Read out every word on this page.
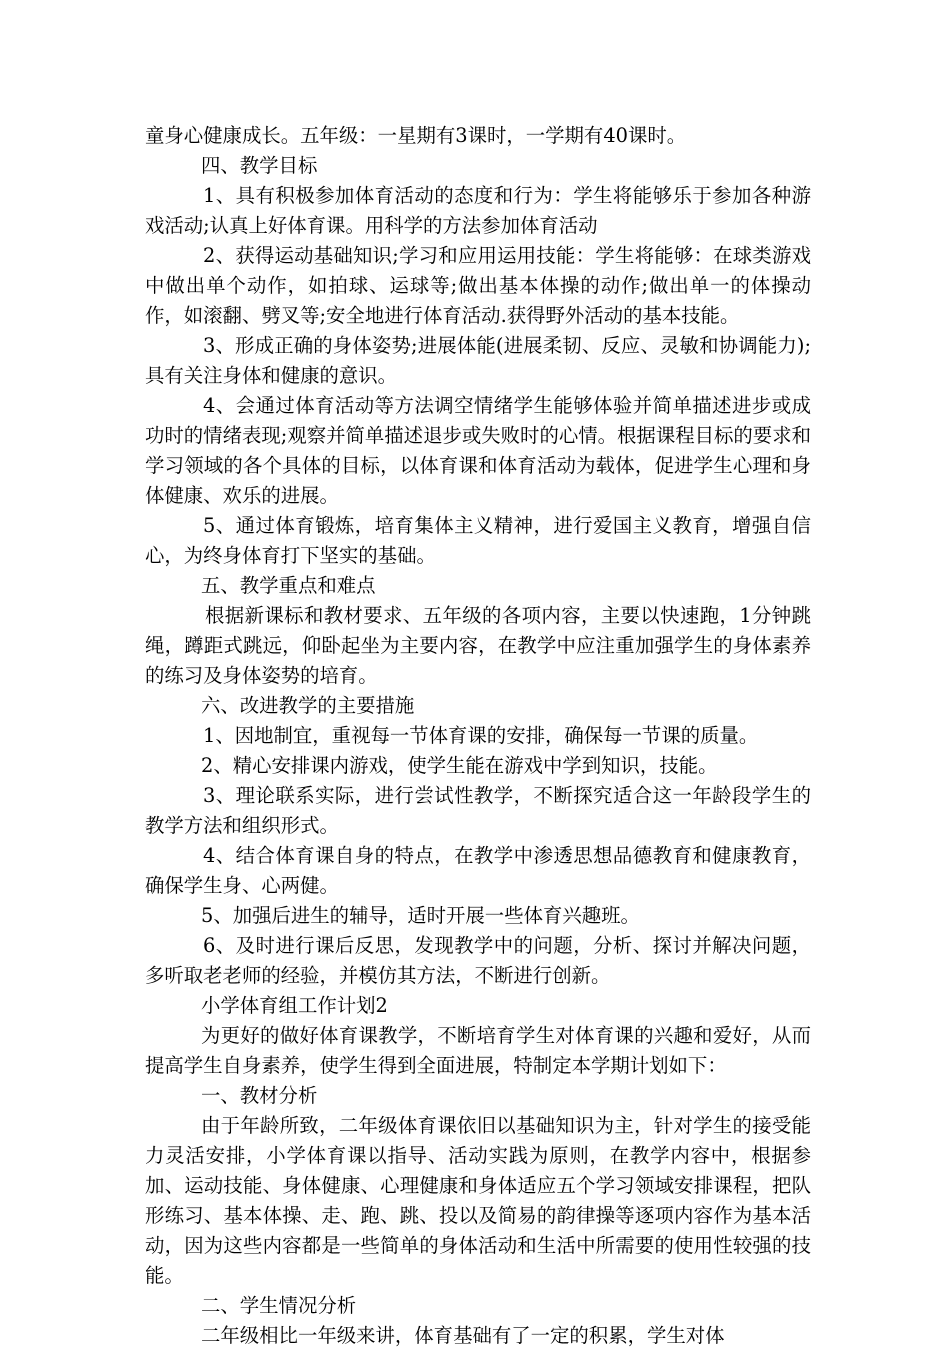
童身心健康成长。五年级：一星期有3课时，一学期有40课时。

四、教学目标

1、具有积极参加体育活动的态度和行为：学生将能够乐于参加各种游戏活动;认真上好体育课。用科学的方法参加体育活动

2、获得运动基础知识;学习和应用运用技能：学生将能够：在球类游戏中做出单个动作，如拍球、运球等;做出基本体操的动作;做出单一的体操动作，如滚翻、劈叉等;安全地进行体育活动.获得野外活动的基本技能。

3、形成正确的身体姿势;进展体能(进展柔韧、反应、灵敏和协调能力);具有关注身体和健康的意识。

4、会通过体育活动等方法调空情绪学生能够体验并简单描述进步或成功时的情绪表现;观察并简单描述退步或失败时的心情。根据课程目标的要求和学习领域的各个具体的目标，以体育课和体育活动为载体，促进学生心理和身体健康、欢乐的进展。

5、通过体育锻炼，培育集体主义精神，进行爱国主义教育，增强自信心，为终身体育打下坚实的基础。

五、教学重点和难点

根据新课标和教材要求、五年级的各项内容，主要以快速跑，1分钟跳绳，蹲距式跳远，仰卧起坐为主要内容，在教学中应注重加强学生的身体素养的练习及身体姿势的培育。

六、改进教学的主要措施

1、因地制宜，重视每一节体育课的安排，确保每一节课的质量。

2、精心安排课内游戏，使学生能在游戏中学到知识，技能。

3、理论联系实际，进行尝试性教学，不断探究适合这一年龄段学生的教学方法和组织形式。

4、结合体育课自身的特点，在教学中渗透思想品德教育和健康教育，确保学生身、心两健。

5、加强后进生的辅导，适时开展一些体育兴趣班。

6、及时进行课后反思，发现教学中的问题，分析、探讨并解决问题，多听取老老师的经验，并模仿其方法，不断进行创新。

小学体育组工作计划2

为更好的做好体育课教学，不断培育学生对体育课的兴趣和爱好，从而提高学生自身素养，使学生得到全面进展，特制定本学期计划如下：

一、教材分析

由于年龄所致，二年级体育课依旧以基础知识为主，针对学生的接受能力灵活安排，小学体育课以指导、活动实践为原则，在教学内容中，根据参加、运动技能、身体健康、心理健康和身体适应五个学习领域安排课程，把队形练习、基本体操、走、跑、跳、投以及简易的韵律操等逐项内容作为基本活动，因为这些内容都是一些简单的身体活动和生活中所需要的使用性较强的技能。

二、学生情况分析

二年级相比一年级来讲，体育基础有了一定的积累，学生对体
